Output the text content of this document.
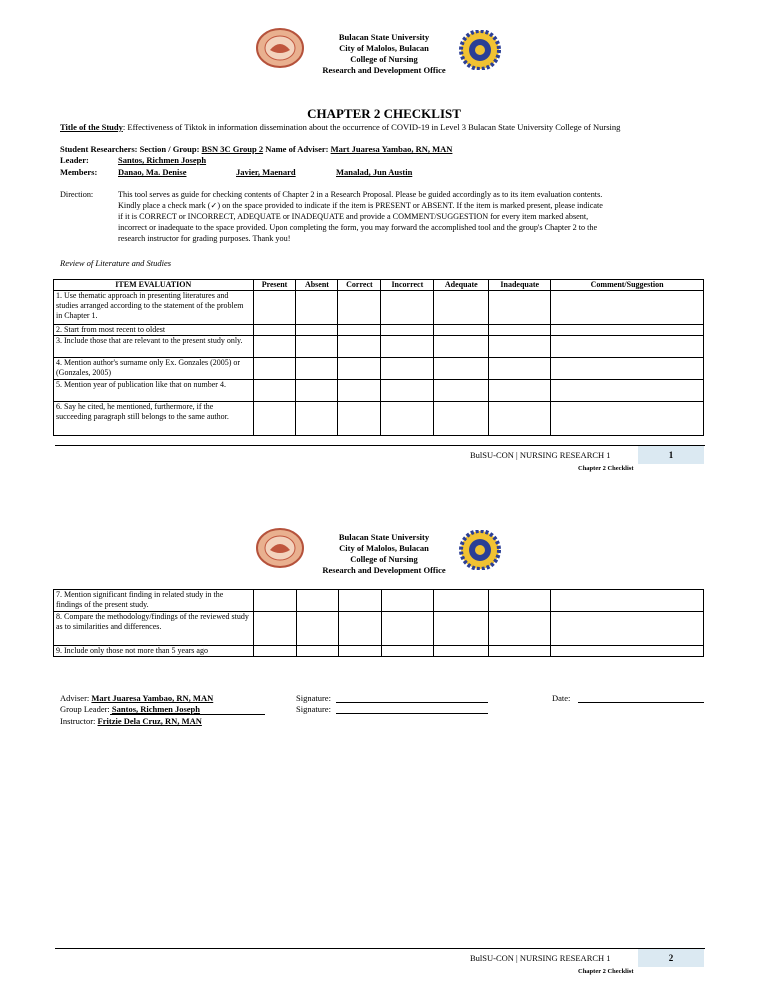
Bulacan State University
City of Malolos, Bulacan
College of Nursing
Research and Development Office
CHAPTER 2 CHECKLIST
Title of the Study: Effectiveness of Tiktok in information dissemination about the occurrence of COVID-19 in Level 3 Bulacan State University College of Nursing
Student Researchers: Section / Group: BSN 3C Group 2 Name of Adviser: Mart Juaresa Yambao, RN, MAN
Leader:	Santos, Richmen Joseph
Members: Danao, Ma. Denise	Javier, Maenard	Manalad, Jun Austin
Direction:	This tool serves as guide for checking contents of Chapter 2 in a Research Proposal. Please be guided accordingly as to its item evaluation contents.
Kindly place a check mark (✓) on the space provided to indicate if the item is PRESENT or ABSENT. If the item is marked present, please indicate
if it is CORRECT or INCORRECT, ADEQUATE or INADEQUATE and provide a COMMENT/SUGGESTION for every item marked absent,
incorrect or inadequate to the space provided. Upon completing the form, you may forward the accomplished tool and the group's Chapter 2 to the
research instructor for grading purposes. Thank you!
Review of Literature and Studies
ITEM EVALUATION	Present	Absent	Correct	Incorrect	Adequate	Inadequate	Comment/Suggestion
1. Use thematic approach in presenting literatures and studies arranged according to the statement of the problem in Chapter 1.							
2. Start from most recent to oldest							
3. Include those that are relevant to the present study only.							
4. Mention author's surname only Ex. Gonzales (2005) or (Gonzales, 2005)							
5. Mention year of publication like that on number 4.							
6. Say he cited, he mentioned, furthermore, if the succeeding paragraph still belongs to the same author.							
BulSU-CON | NURSING RESEARCH 1	1
Chapter 2 Checklist
Bulacan State University
City of Malolos, Bulacan
College of Nursing
Research and Development Office
7. Mention significant finding in related study in the findings of the present study.							
8. Compare the methodology/findings of the reviewed study as to similarities and differences.							
9. Include only those not more than 5 years ago							
Adviser: Mart Juaresa Yambao, RN, MAN
Group Leader: Santos, Richmen Joseph
Instructor: Fritzie Dela Cruz, RN, MAN
Signature:
Signature:
Date:
BulSU-CON | NURSING RESEARCH 1	2
Chapter 2 Checklist
